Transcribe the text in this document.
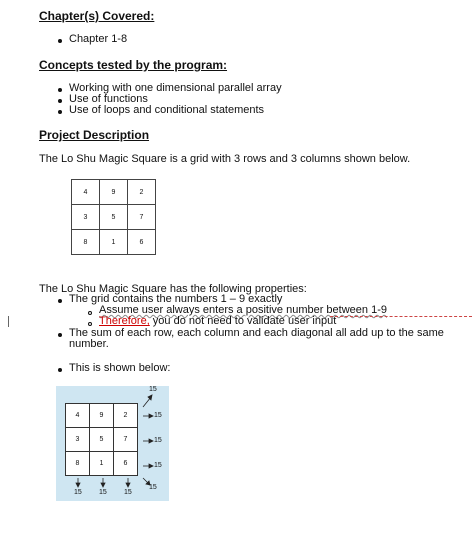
Chapter(s) Covered:
Chapter 1-8
Concepts tested by the program:
Working with one dimensional parallel array
Use of functions
Use of loops and conditional statements
Project Description
The Lo Shu Magic Square is a grid with 3 rows and 3 columns shown below.
4	9	2
3	5	7
8	1	6
The Lo Shu Magic Square has the following properties:
The grid contains the numbers 1 – 9 exactly
Assume user always enters a positive number between 1-9
Therefore, you do not need to validate user input
The sum of each row, each column and each diagonal all add up to the same
number.
This is shown below:
4	9	2
3	5	7
8	1	6
15
15
15
15
15
15 15 15
